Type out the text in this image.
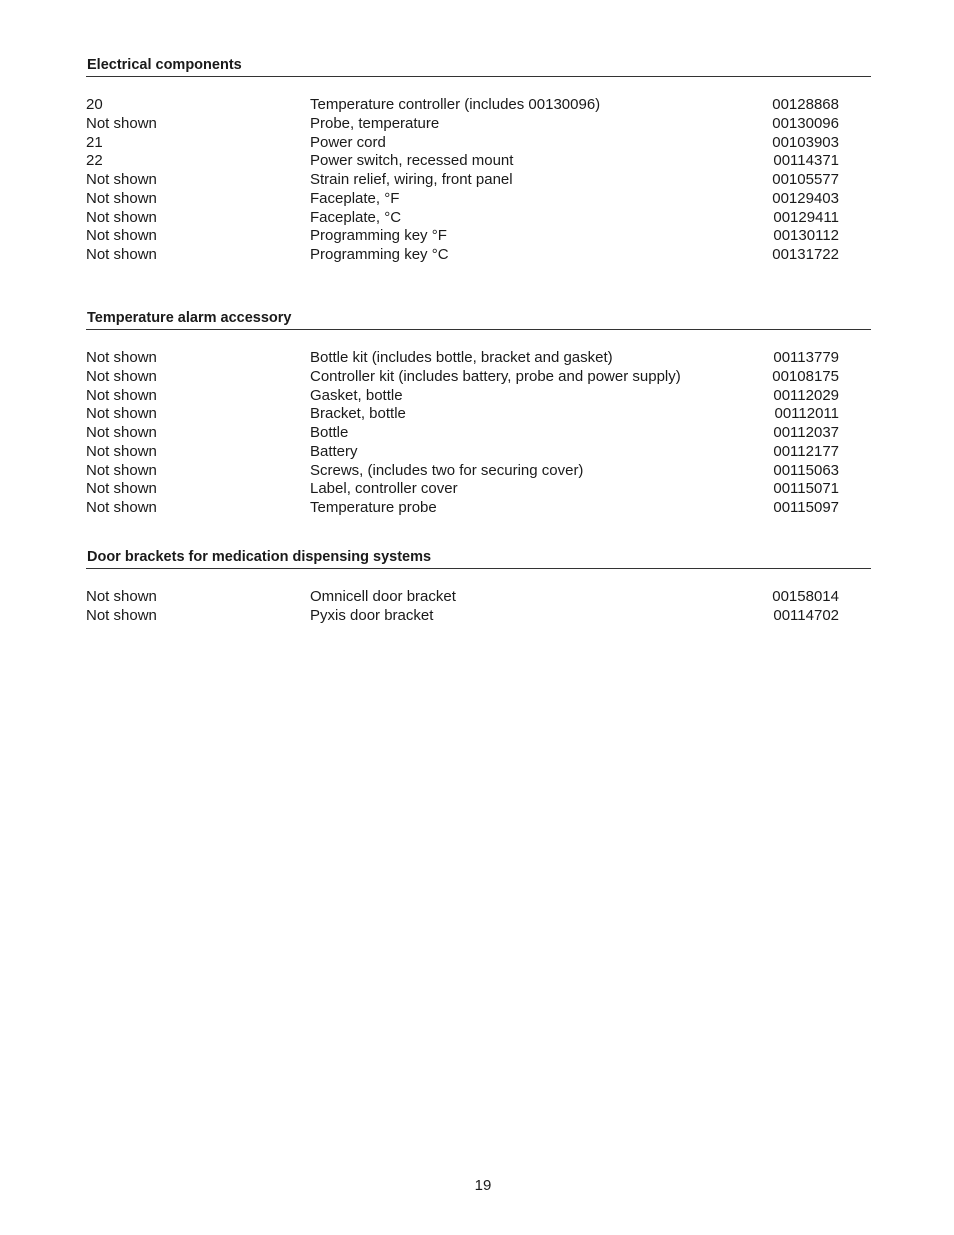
Electrical components
20	Temperature controller (includes 00130096)	00128868
Not shown	Probe, temperature	00130096
21	Power cord	00103903
22	Power switch, recessed mount	00114371
Not shown	Strain relief, wiring, front panel	00105577
Not shown	Faceplate, °F	00129403
Not shown	Faceplate, °C	00129411
Not shown	Programming key °F	00130112
Not shown	Programming key °C	00131722
Temperature alarm accessory
Not shown	Bottle kit (includes bottle, bracket and gasket)	00113779
Not shown	Controller kit (includes battery, probe and power supply)	00108175
Not shown	Gasket, bottle	00112029
Not shown	Bracket, bottle	00112011
Not shown	Bottle	00112037
Not shown	Battery	00112177
Not shown	Screws, (includes two for securing cover)	00115063
Not shown	Label, controller cover	00115071
Not shown	Temperature probe	00115097
Door brackets for medication dispensing systems
Not shown	Omnicell door bracket	00158014
Not shown	Pyxis door bracket	00114702
19
